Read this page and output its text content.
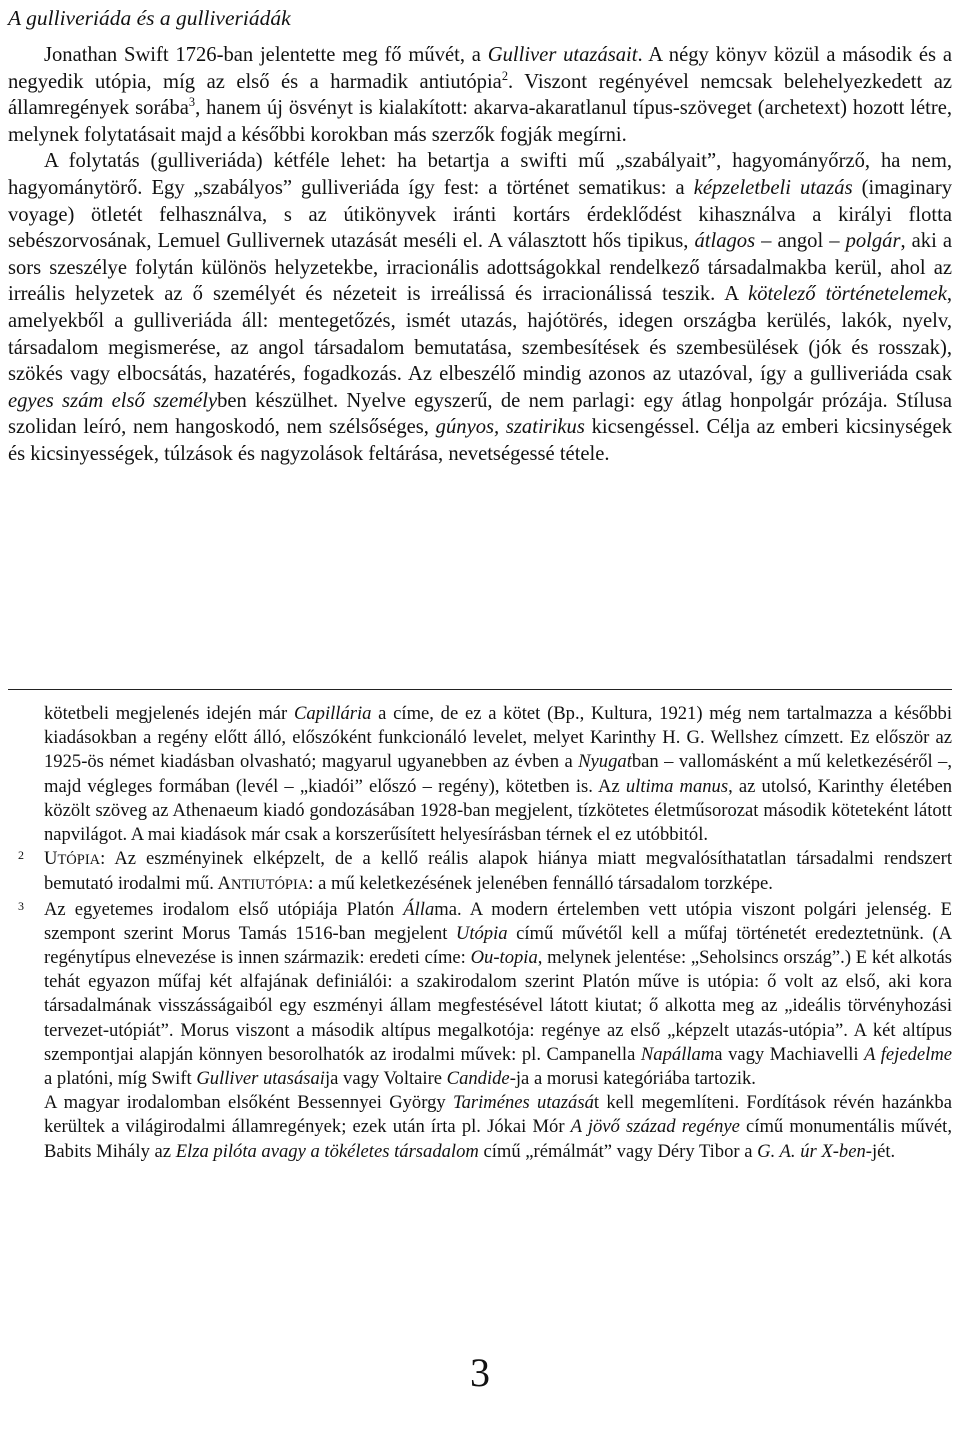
A gulliveriáda és a gulliveriádák

Jonathan Swift 1726-ban jelentette meg fő művét, a Gulliver utazásait. A négy könyv közül a második és a negyedik utópia, míg az első és a harmadik antiutópia$^2$. Viszont regényével nemcsak belehelyezkedett az államregények sorába$^3$, hanem új ösvényt is kialakított: akarva-akaratlanul típus-szöveget (archetext) hozott létre, melynek folytatásait majd a későbbi korokban más szerzők fogják megírni.

A folytatás (gulliveriáda) kétféle lehet: ha betartja a swifti mű „szabályait”, hagyományőrző, ha nem, hagyománytörő. Egy „szabályos” gulliveriáda így fest: a történet sematikus: a képzeletbeli utazás (imaginary voyage) ötletét felhasználva, s az útikönyvek iránti kortárs érdeklődést kihasználva a királyi flotta sebészorvosának, Lemuel Gullivernek utazását meséli el. A választott hős tipikus, átlagos – angol – polgár, aki a sors szeszélye folytán különös helyzetekbe, irracionális adottságokkal rendelkező társadalmakba kerül, ahol az irreális helyzetek az ő személyét és nézeteit is irreálissá és irracionálissá teszik. A kötelező történetelemek, amelyekből a gulliveriáda áll: mentegetőzés, ismét utazás, hajótörés, idegen országba kerülés, lakók, nyelv, társadalom megismerése, az angol társadalom bemutatása, szembesítések és szembesülések (jók és rosszak), szökés vagy elbocsátás, hazatérés, fogadkozás. Az elbeszélő mindig azonos az utazóval, így a gulliveriáda csak egyes szám első személyben készülhet. Nyelve egyszerű, de nem parlagi: egy átlag honpolgár prózája. Stílusa szolidan leíró, nem hangoskodó, nem szélsőséges, gúnyos, szatirikus kicsengéssel. Célja az emberi kicsinységek és kicsinyességek, túlzások és nagyzolások feltárása, nevetségessé tétele.

kötetbeli megjelenés idején már Capillária a címe, de ez a kötet (Bp., Kultura, 1921) még nem tartalmazza a későbbi kiadásokban a regény előtt álló, előszóként funkcionáló levelet, melyet Karinthy H. G. Wellshez címzett. Ez először az 1925-ös német kiadásban olvasható; magyarul ugyanebben az évben a Nyugatban – vallomásként a mű keletkezéséről –, majd végleges formában (levél – „kiadói” előszó – regény), kötetben is. Az ultima manus, az utolsó, Karinthy életében közölt szöveg az Athenaeum kiadó gondozásában 1928-ban megjelent, tízkötetes életműsorozat második köteteként látott napvilágot. A mai kiadások már csak a korszerűsített helyesírásban térnek el ez utóbbitól.
2 UTÓPIA: Az eszményinek elképzelt, de a kellő reális alapok hiánya miatt megvalósíthatatlan társadalmi rendszert bemutató irodalmi mű. ANTIUTÓPIA: a mű keletkezésének jelenében fennálló társadalom torzképe.
3 Az egyetemes irodalom első utópiája Platón Állama. A modern értelemben vett utópia viszont polgári jelenség. E szempont szerint Morus Tamás 1516-ban megjelent Utópia című művétől kell a műfaj történetét eredeztetnünk. (A regénytípus elnevezése is innen származik: eredeti címe: Ou-topia, melynek jelentése: „Seholsincs ország”.) E két alkotás tehát egyazon műfaj két alfajának definiálói: a szakirodalom szerint Platón műve is utópia: ő volt az első, aki kora társadalmának visszásságaiból egy eszményi állam megfestésével látott kiutat; ő alkotta meg az „ideális törvényhozási tervezet-utópiát”. Morus viszont a második altípus megalkotója: regénye az első „képzelt utazás-utópia”. A két altípus szempontjai alapján könnyen besorolhatók az irodalmi művek: pl. Campanella Napállama vagy Machiavelli A fejedelme a platóni, míg Swift Gulliver utasásaija vagy Voltaire Candide-ja a morusi kategóriába tartozik.
A magyar irodalomban elsőként Bessennyei György Tariménes utazását kell megemlíteni. Fordítások révén hazánkba kerültek a világirodalmi államregények; ezek után írta pl. Jókai Mór A jövő század regénye című monumentális művét, Babits Mihály az Elza pilóta avagy a tökéletes társadalom című „rémálmát” vagy Déry Tibor a G. A. úr X-ben-jét.
3
